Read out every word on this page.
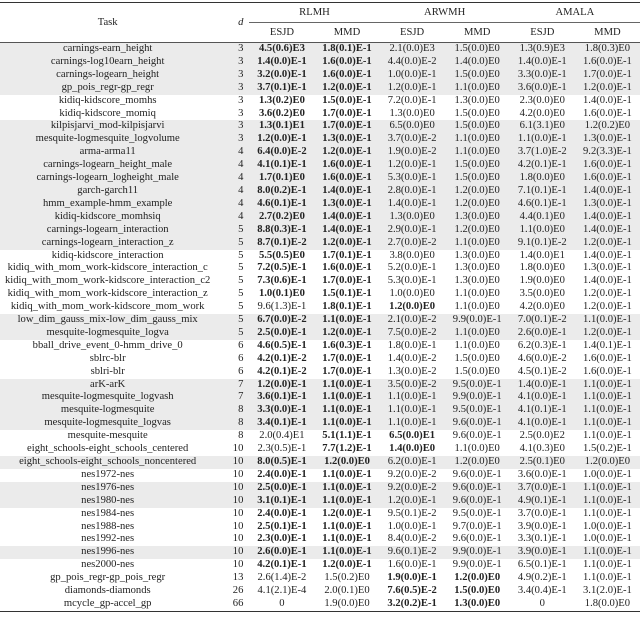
Task	d	RLMH		ARWMH		AMALA	
		ESJD	MMD	ESJD	MMD	ESJD	MMD
carnings-earn_height	3	4.5(0.6)E3	1.8(0.1)E-1	2.1(0.0)E3	1.5(0.0)E0	1.3(0.9)E3	1.8(0.3)E0
carnings-log10earn_height	3	1.4(0.0)E-1	1.6(0.0)E-1	4.4(0.0)E-2	1.4(0.0)E0	1.4(0.0)E-1	1.6(0.0)E-1
carnings-logearn_height	3	3.2(0.0)E-1	1.6(0.0)E-1	1.0(0.0)E-1	1.5(0.0)E0	3.3(0.0)E-1	1.7(0.0)E-1
gp_pois_regr-gp_regr	3	3.7(0.1)E-1	1.2(0.0)E-1	1.2(0.0)E-1	1.1(0.0)E0	3.6(0.0)E-1	1.2(0.0)E-1
kidiq-kidscore_momhs	3	1.3(0.2)E0	1.5(0.0)E-1	7.2(0.0)E-1	1.3(0.0)E0	2.3(0.0)E0	1.4(0.0)E-1
kidiq-kidscore_momiq	3	3.6(0.2)E0	1.7(0.0)E-1	1.3(0.0)E0	1.5(0.0)E0	4.2(0.0)E0	1.6(0.0)E-1
kilpisjarvi_mod-kilpisjarvi	3	1.3(0.1)E1	1.7(0.0)E-1	6.5(0.0)E0	1.5(0.0)E0	6.1(3.1)E0	1.2(0.2)E0
mesquite-logmesquite_logvolume	3	1.2(0.0)E-1	1.3(0.0)E-1	3.7(0.0)E-2	1.1(0.0)E0	1.1(0.0)E-1	1.3(0.0)E-1
arma-arma11	4	6.4(0.0)E-2	1.2(0.0)E-1	1.9(0.0)E-2	1.1(0.0)E0	3.7(1.0)E-2	9.2(3.3)E-1
carnings-logearn_height_male	4	4.1(0.1)E-1	1.6(0.0)E-1	1.2(0.0)E-1	1.5(0.0)E0	4.2(0.1)E-1	1.6(0.0)E-1
carnings-logearn_logheight_male	4	1.7(0.1)E0	1.6(0.0)E-1	5.3(0.0)E-1	1.5(0.0)E0	1.8(0.0)E0	1.6(0.0)E-1
garch-garch11	4	8.0(0.2)E-1	1.4(0.0)E-1	2.8(0.0)E-1	1.2(0.0)E0	7.1(0.1)E-1	1.4(0.0)E-1
hmm_example-hmm_example	4	4.6(0.1)E-1	1.3(0.0)E-1	1.4(0.0)E-1	1.2(0.0)E0	4.6(0.1)E-1	1.3(0.0)E-1
kidiq-kidscore_momhsiq	4	2.7(0.2)E0	1.4(0.0)E-1	1.3(0.0)E0	1.3(0.0)E0	4.4(0.1)E0	1.4(0.0)E-1
carnings-logearn_interaction	5	8.8(0.3)E-1	1.4(0.0)E-1	2.9(0.0)E-1	1.2(0.0)E0	1.1(0.0)E0	1.4(0.0)E-1
carnings-logearn_interaction_z	5	8.7(0.1)E-2	1.2(0.0)E-1	2.7(0.0)E-2	1.1(0.0)E0	9.1(0.1)E-2	1.2(0.0)E-1
kidiq-kidscore_interaction	5	5.5(0.5)E0	1.7(0.1)E-1	3.8(0.0)E0	1.3(0.0)E0	1.4(0.0)E1	1.4(0.0)E-1
kidiq_with_mom_work-kidscore_interaction_c	5	7.2(0.5)E-1	1.6(0.0)E-1	5.2(0.0)E-1	1.3(0.0)E0	1.8(0.0)E0	1.3(0.0)E-1
kidiq_with_mom_work-kidscore_interaction_c2	5	7.3(0.6)E-1	1.7(0.0)E-1	5.3(0.0)E-1	1.3(0.0)E0	1.9(0.0)E0	1.4(0.0)E-1
kidiq_with_mom_work-kidscore_interaction_z	5	1.0(0.1)E0	1.5(0.1)E-1	1.0(0.0)E0	1.1(0.0)E0	3.5(0.0)E0	1.2(0.0)E-1
kidiq_with_mom_work-kidscore_mom_work	5	9.6(1.3)E-1	1.8(0.1)E-1	1.2(0.0)E0	1.1(0.0)E0	4.2(0.0)E0	1.2(0.0)E-1
low_dim_gauss_mix-low_dim_gauss_mix	5	6.7(0.0)E-2	1.1(0.0)E-1	2.1(0.0)E-2	9.9(0.0)E-1	7.0(0.1)E-2	1.1(0.0)E-1
mesquite-logmesquite_logva	5	2.5(0.0)E-1	1.2(0.0)E-1	7.5(0.0)E-2	1.1(0.0)E0	2.6(0.0)E-1	1.2(0.0)E-1
bball_drive_event_0-hmm_drive_0	6	4.6(0.5)E-1	1.6(0.3)E-1	1.8(0.0)E-1	1.1(0.0)E0	6.2(0.3)E-1	1.4(0.1)E-1
sblrc-blr	6	4.2(0.1)E-2	1.7(0.0)E-1	1.4(0.0)E-2	1.5(0.0)E0	4.6(0.0)E-2	1.6(0.0)E-1
sblri-blr	6	4.2(0.1)E-2	1.7(0.0)E-1	1.3(0.0)E-2	1.5(0.0)E0	4.5(0.1)E-2	1.6(0.0)E-1
arK-arK	7	1.2(0.0)E-1	1.1(0.0)E-1	3.5(0.0)E-2	9.5(0.0)E-1	1.4(0.0)E-1	1.1(0.0)E-1
mesquite-logmesquite_logvash	7	3.6(0.1)E-1	1.1(0.0)E-1	1.1(0.0)E-1	9.9(0.0)E-1	4.1(0.0)E-1	1.1(0.0)E-1
mesquite-logmesquite	8	3.3(0.0)E-1	1.1(0.0)E-1	1.1(0.0)E-1	9.5(0.0)E-1	4.1(0.1)E-1	1.1(0.0)E-1
mesquite-logmesquite_logvas	8	3.4(0.1)E-1	1.1(0.0)E-1	1.1(0.0)E-1	9.6(0.0)E-1	4.1(0.0)E-1	1.1(0.0)E-1
mesquite-mesquite	8	2.0(0.4)E1	5.1(1.1)E-1	6.5(0.0)E1	9.6(0.0)E-1	2.5(0.0)E2	1.1(0.0)E-1
eight_schools-eight_schools_centered	10	2.3(0.5)E-1	7.7(1.2)E-1	1.4(0.0)E0	1.1(0.0)E0	4.1(0.3)E0	1.5(0.2)E-1
eight_schools-eight_schools_noncentered	10	8.0(0.5)E-1	1.2(0.0)E0	6.2(0.0)E-1	1.2(0.0)E0	2.5(0.1)E0	1.2(0.0)E0
nes1972-nes	10	2.4(0.0)E-1	1.1(0.0)E-1	9.2(0.0)E-2	9.6(0.0)E-1	3.6(0.0)E-1	1.0(0.0)E-1
nes1976-nes	10	2.5(0.0)E-1	1.1(0.0)E-1	9.2(0.0)E-2	9.6(0.0)E-1	3.7(0.0)E-1	1.1(0.0)E-1
nes1980-nes	10	3.1(0.1)E-1	1.1(0.0)E-1	1.2(0.0)E-1	9.6(0.0)E-1	4.9(0.1)E-1	1.1(0.0)E-1
nes1984-nes	10	2.4(0.0)E-1	1.2(0.0)E-1	9.5(0.1)E-2	9.5(0.0)E-1	3.7(0.0)E-1	1.1(0.0)E-1
nes1988-nes	10	2.5(0.1)E-1	1.1(0.0)E-1	1.0(0.0)E-1	9.7(0.0)E-1	3.9(0.0)E-1	1.0(0.0)E-1
nes1992-nes	10	2.3(0.0)E-1	1.1(0.0)E-1	8.4(0.0)E-2	9.6(0.0)E-1	3.3(0.1)E-1	1.0(0.0)E-1
nes1996-nes	10	2.6(0.0)E-1	1.1(0.0)E-1	9.6(0.1)E-2	9.9(0.0)E-1	3.9(0.0)E-1	1.1(0.0)E-1
nes2000-nes	10	4.2(0.1)E-1	1.2(0.0)E-1	1.6(0.0)E-1	9.9(0.0)E-1	6.5(0.1)E-1	1.1(0.0)E-1
gp_pois_regr-gp_pois_regr	13	2.6(1.4)E-2	1.5(0.2)E0	1.9(0.0)E-1	1.2(0.0)E0	4.9(0.2)E-1	1.1(0.0)E-1
diamonds-diamonds	26	4.1(2.1)E-4	2.0(0.1)E0	7.6(0.5)E-2	1.5(0.0)E0	3.4(0.4)E-1	3.1(2.0)E-1
mcycle_gp-accel_gp	66	0	1.9(0.0)E0	3.2(0.2)E-1	1.3(0.0)E0	0	1.8(0.0)E0
